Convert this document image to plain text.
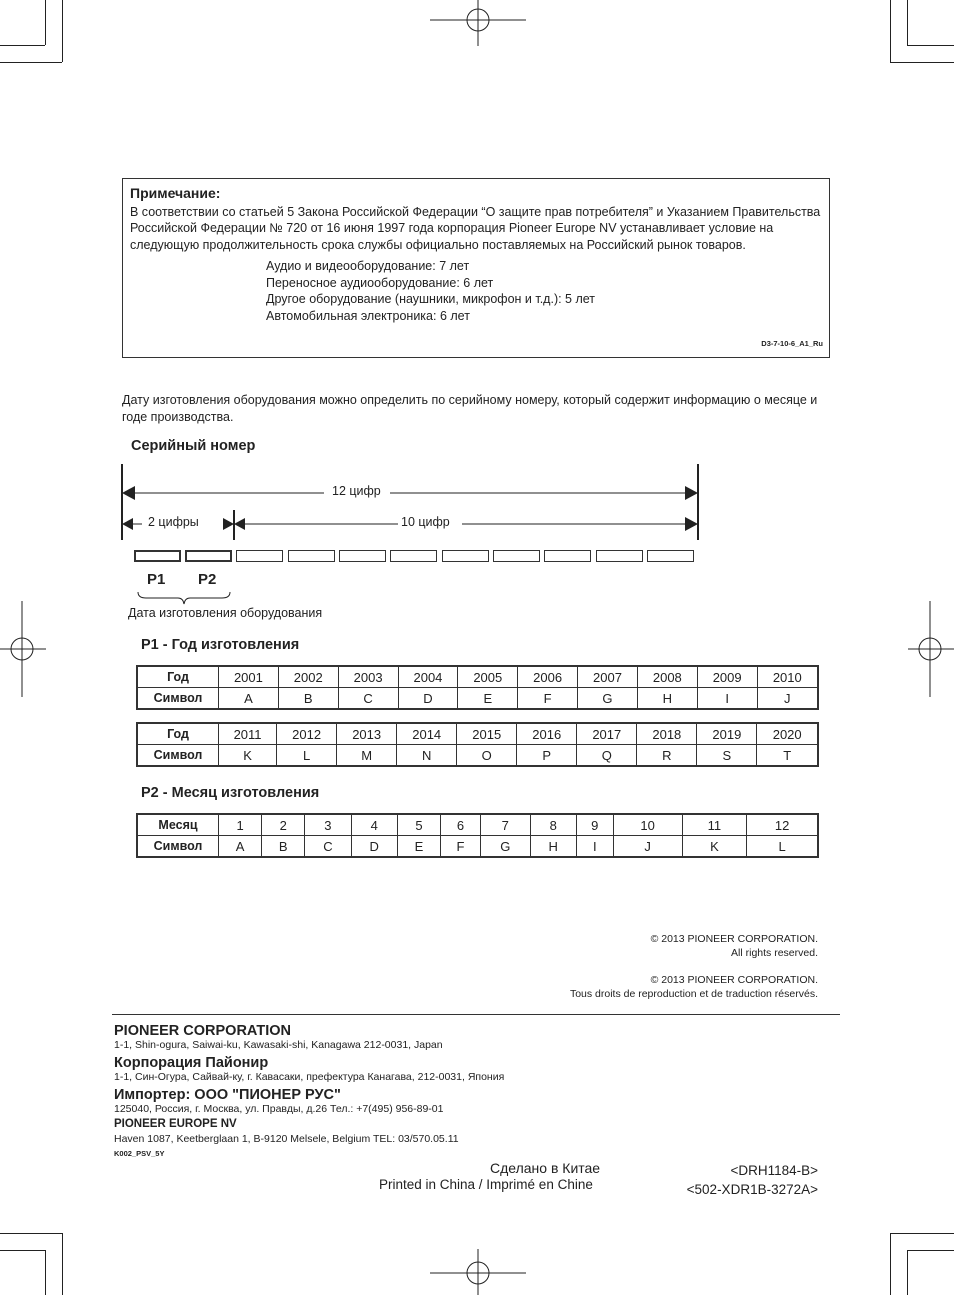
Примечание:

В соответствии со статьей 5 Закона Российской Федерации “О защите прав потребителя” и Указанием Правительства Российской Федерации № 720 от 16 июня 1997 года корпорация Pioneer Europe NV устанавливает условие на следующую продолжительность срока службы официально поставляемых на Российский рынок товаров.

Аудио и видеооборудование: 7 лет
Переносное аудиооборудование: 6 лет
Другое оборудование (наушники, микрофон и т.д.): 5 лет
Автомобильная электроника: 6 лет
D3-7-10-6_A1_Ru
Дату изготовления оборудования можно определить по серийному номеру, который содержит информацию о месяце и годе производства.
Серийный номер
12 цифр
2 цифры	10 цифр
P1 P2
Дата изготовления оборудования
P1 - Год изготовления
Год	2001	2002	2003	2004	2005	2006	2007	2008	2009	2010
Символ	A	B	C	D	E	F	G	H	I	J
Год	2011	2012	2013	2014	2015	2016	2017	2018	2019	2020
Символ	K	L	M	N	O	P	Q	R	S	T
P2 - Месяц изготовления
Месяц	1	2	3	4	5	6	7	8	9	10	11	12
Символ	A	B	C	D	E	F	G	H	I	J	K	L
© 2013 PIONEER CORPORATION.
All rights reserved.
© 2013 PIONEER CORPORATION.
Tous droits de reproduction et de traduction réservés.
PIONEER CORPORATION
1-1, Shin-ogura, Saiwai-ku, Kawasaki-shi, Kanagawa 212-0031, Japan
Корпорация Пайонир
1-1, Син-Огура, Сайвай-ку, г. Кавасаки, префектура Канагава, 212-0031, Япония
Импортер: ООО "ПИОНЕР РУС"
125040, Россия, г. Москва, ул. Правды, д.26 Тел.: +7(495) 956-89-01
PIONEER EUROPE NV
Haven 1087, Keetberglaan 1, B-9120 Melsele, Belgium TEL: 03/570.05.11
K002_PSV_5Y
Сделано в Китае
Printed in China / Imprimé en Chine
<DRH1184-B>
<502-XDR1B-3272A>
